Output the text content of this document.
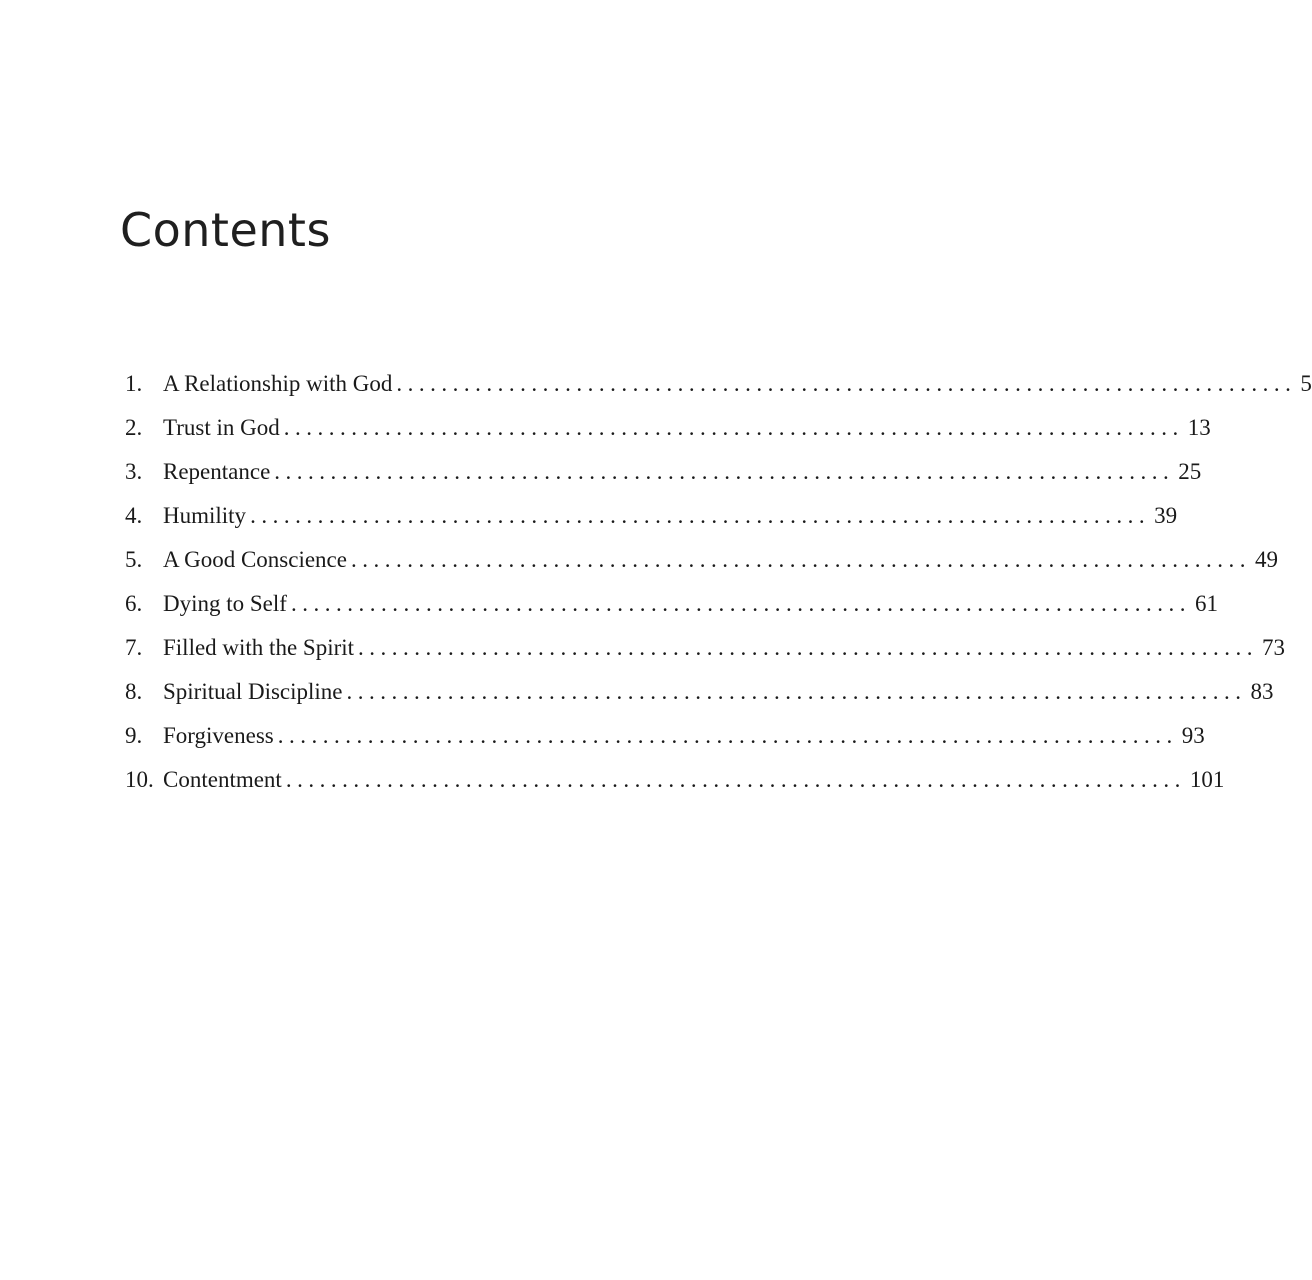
Contents
1. A Relationship with God ................................................................................ 5
2. Trust in God ................................................................................ 13
3. Repentance ................................................................................ 25
4. Humility ................................................................................ 39
5. A Good Conscience ................................................................................ 49
6. Dying to Self ................................................................................ 61
7. Filled with the Spirit ................................................................................ 73
8. Spiritual Discipline ................................................................................ 83
9. Forgiveness ................................................................................ 93
10. Contentment ................................................................................ 101
